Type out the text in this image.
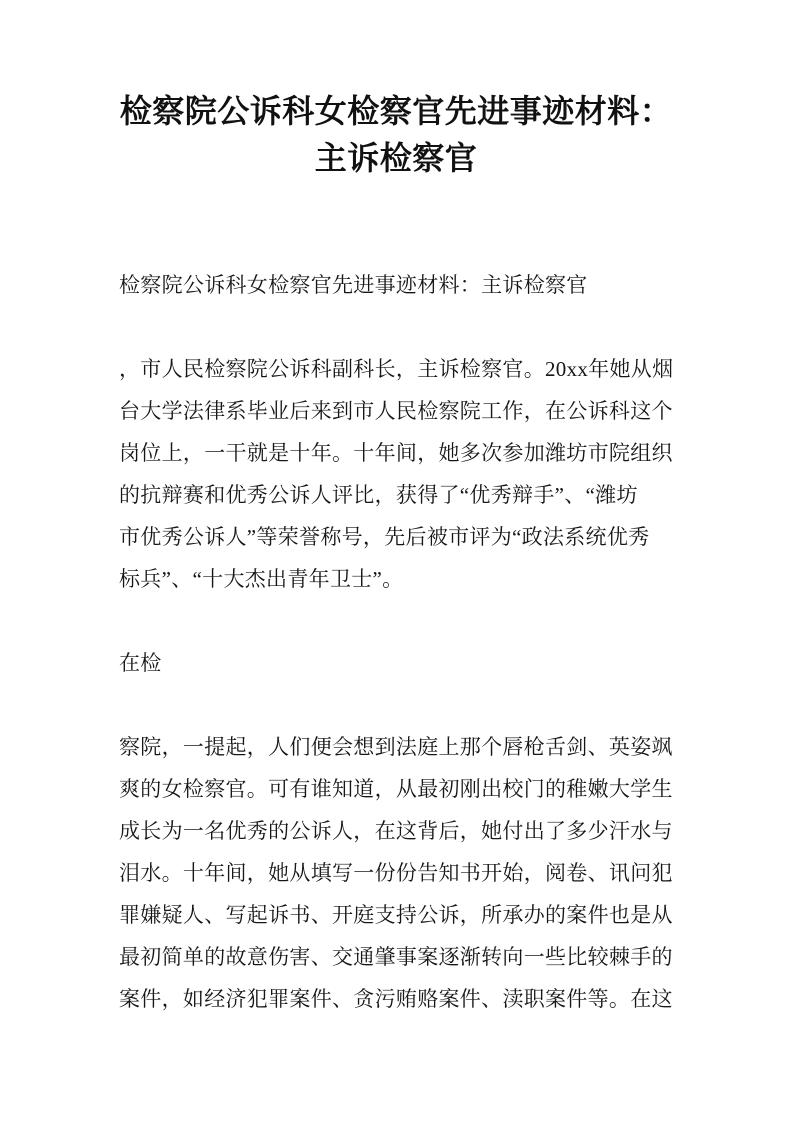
检察院公诉科女检察官先进事迹材料：
主诉检察官

检察院公诉科女检察官先进事迹材料：主诉检察官

，市人民检察院公诉科副科长，主诉检察官。20xx年她从烟
台大学法律系毕业后来到市人民检察院工作，在公诉科这个
岗位上，一干就是十年。十年间，她多次参加潍坊市院组织
的抗辩赛和优秀公诉人评比，获得了“优秀辩手”、“潍坊
市优秀公诉人”等荣誉称号，先后被市评为“政法系统优秀
标兵”、“十大杰出青年卫士”。
在检
察院，一提起，人们便会想到法庭上那个唇枪舌剑、英姿飒
爽的女检察官。可有谁知道，从最初刚出校门的稚嫩大学生
成长为一名优秀的公诉人，在这背后，她付出了多少汗水与
泪水。十年间，她从填写一份份告知书开始，阅卷、讯问犯
罪嫌疑人、写起诉书、开庭支持公诉，所承办的案件也是从
最初简单的故意伤害、交通肇事案逐渐转向一些比较棘手的
案件，如经济犯罪案件、贪污贿赂案件、渎职案件等。在这
